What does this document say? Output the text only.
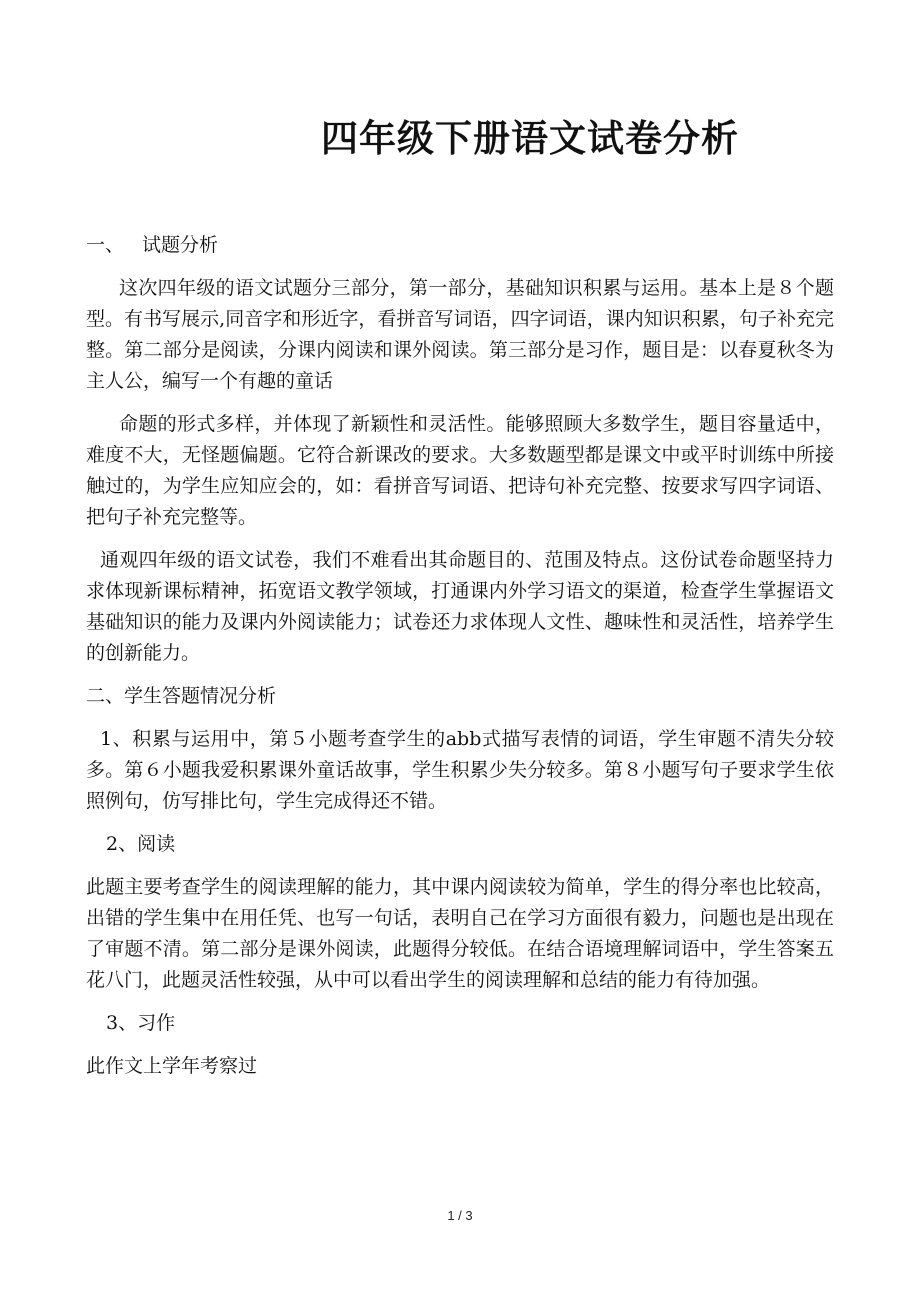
四年级下册语文试卷分析
一、 试题分析

这次四年级的语文试题分三部分，第一部分，基础知识积累与运用。基本上是８个题型。有书写展示,同音字和形近字，看拼音写词语，四字词语，课内知识积累，句子补充完整。第二部分是阅读，分课内阅读和课外阅读。第三部分是习作，题目是：以春夏秋冬为主人公，编写一个有趣的童话

命题的形式多样，并体现了新颖性和灵活性。能够照顾大多数学生，题目容量适中，难度不大，无怪题偏题。它符合新课改的要求。大多数题型都是课文中或平时训练中所接触过的，为学生应知应会的，如：看拼音写词语、把诗句补充完整、按要求写四字词语、把句子补充完整等。

通观四年级的语文试卷，我们不难看出其命题目的、范围及特点。这份试卷命题坚持力求体现新课标精神，拓宽语文教学领域，打通课内外学习语文的渠道，检查学生掌握语文基础知识的能力及课内外阅读能力；试卷还力求体现人文性、趣味性和灵活性，培养学生的创新能力。

二、学生答题情况分析

1、积累与运用中，第５小题考查学生的abb式描写表情的词语，学生审题不清失分较多。第６小题我爱积累课外童话故事，学生积累少失分较多。第８小题写句子要求学生依照例句，仿写排比句，学生完成得还不错。

2、阅读

此题主要考查学生的阅读理解的能力，其中课内阅读较为简单，学生的得分率也比较高，出错的学生集中在用任凭、也写一句话，表明自己在学习方面很有毅力，问题也是出现在了审题不清。第二部分是课外阅读，此题得分较低。在结合语境理解词语中，学生答案五花八门，此题灵活性较强，从中可以看出学生的阅读理解和总结的能力有待加强。

3、习作

此作文上学年考察过

1 / 3
